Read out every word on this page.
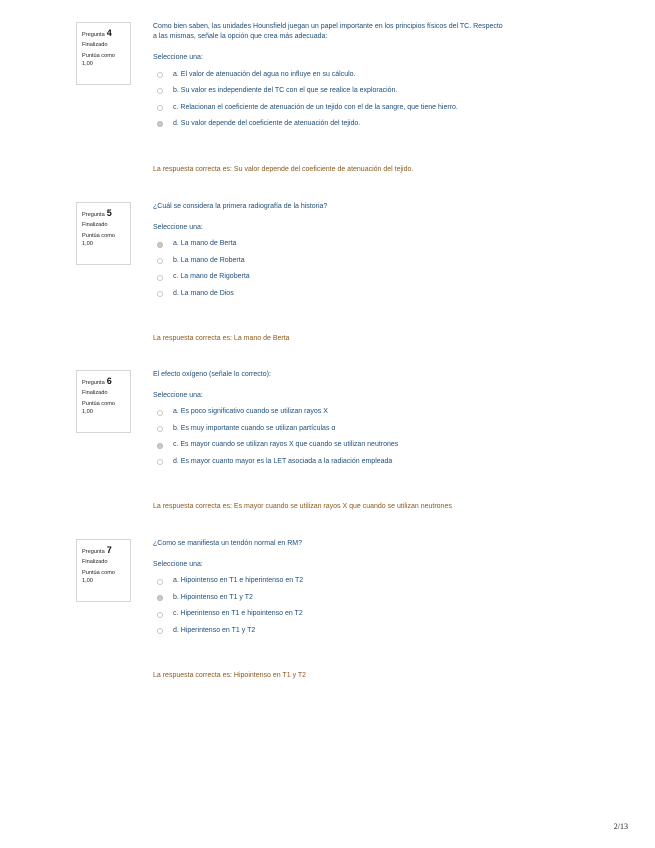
Pregunta 4
Finalizado
Puntúa como
1,00
Como bien saben, las unidades Hounsfield juegan un papel importante en los principios físicos del TC. Respecto
a las mismas, señale la opción que crea más adecuada:
Seleccione una:
a. El valor de atenuación del agua no influye en su cálculo.
b. Su valor es independiente del TC con el que se realice la exploración.
c. Relacionan el coeficiente de atenuación de un tejido con el de la sangre, que tiene hierro.
d. Su valor depende del coeficiente de atenuación del tejido.
La respuesta correcta es: Su valor depende del coeficiente de atenuación del tejido.
Pregunta 5
Finalizado
Puntúa como
1,00
¿Cuál se considera la primera radiografía de la historia?
Seleccione una:
a. La mano de Berta
b. La mano de Roberta
c. La mano de Rigoberta
d. La mano de Dios
La respuesta correcta es: La mano de Berta
Pregunta 6
Finalizado
Puntúa como
1,00
El efecto oxígeno (señale lo correcto):
Seleccione una:
a. Es poco significativo cuando se utilizan rayos X
b. Es muy importante cuando se utilizan partículas α
c. Es mayor cuando se utilizan rayos X que cuando se utilizan neutrones
d. Es mayor cuanto mayor es la LET asociada a la radiación empleada
La respuesta correcta es: Es mayor cuando se utilizan rayos X que cuando se utilizan neutrones
Pregunta 7
Finalizado
Puntúa como
1,00
¿Como se manifiesta un tendón normal en RM?
Seleccione una:
a. Hipointenso en T1 e hiperintenso en T2
b. Hipointenso en T1 y T2
c. Hiperintenso en T1 e hipointenso en T2
d. Hiperintenso en T1 y T2
La respuesta correcta es: Hipointenso en T1 y T2
2/13
